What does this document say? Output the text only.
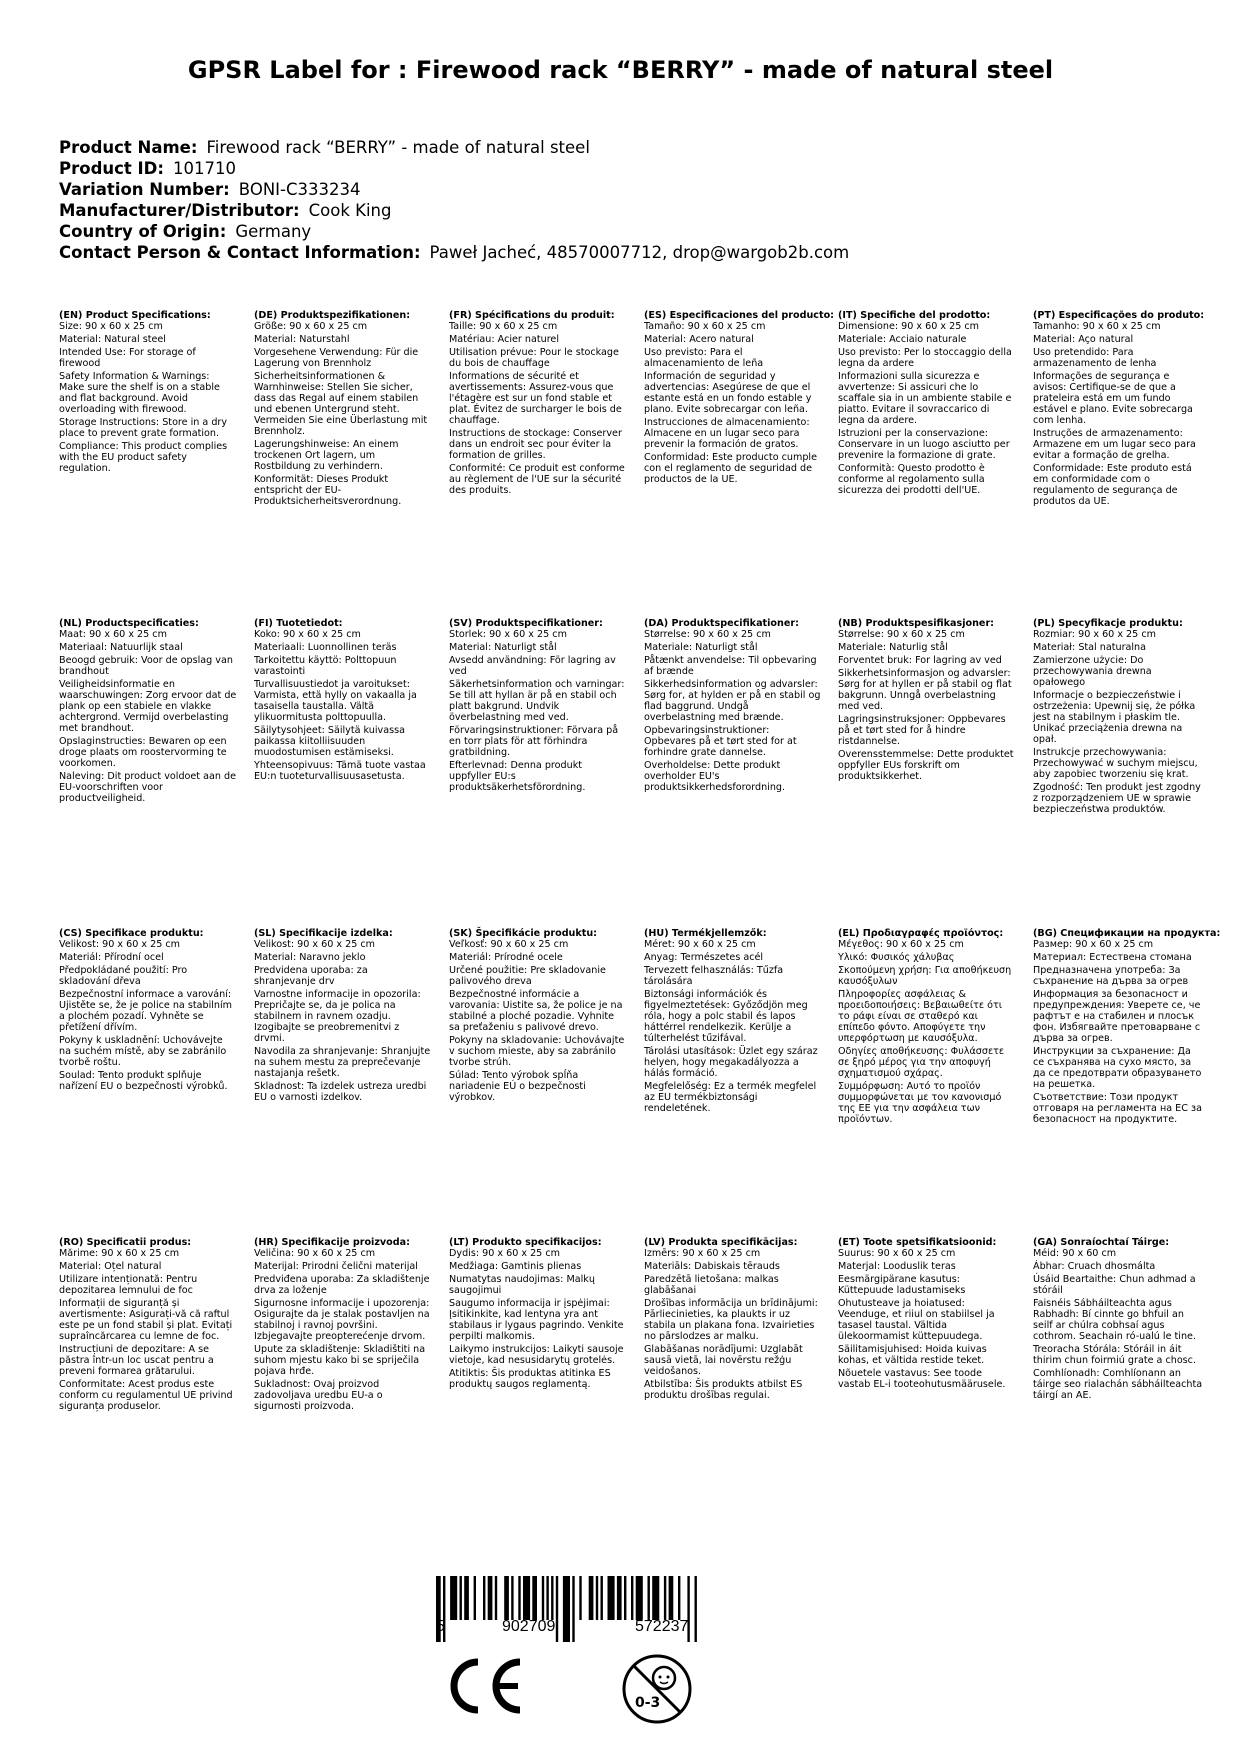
GPSR Label for : Firewood rack “BERRY” - made of natural steel
Product Name: Firewood rack “BERRY” - made of natural steel
Product ID: 101710
Variation Number: BONI-C333234
Manufacturer/Distributor: Cook King
Country of Origin: Germany
Contact Person & Contact Information: Paweł Jacheć, 48570007712, drop@wargob2b.com
(EN) Product Specifications:
Size: 90 x 60 x 25 cm
Material: Natural steel
Intended Use: For storage of firewood
Safety Information & Warnings: Make sure the shelf is on a stable and flat background. Avoid overloading with firewood.
Storage Instructions: Store in a dry place to prevent grate formation.
Compliance: This product complies with the EU product safety regulation.
(DE) Produktspezifikationen:
Größe: 90 x 60 x 25 cm
Material: Naturstahl
Vorgesehene Verwendung: Für die Lagerung von Brennholz
Sicherheitsinformationen & Warnhinweise: Stellen Sie sicher, dass das Regal auf einem stabilen und ebenen Untergrund steht. Vermeiden Sie eine Überlastung mit Brennholz.
Lagerungshinweise: An einem trockenen Ort lagern, um Rostbildung zu verhindern.
Konformität: Dieses Produkt entspricht der EU-Produktsicherheitsverordnung.
(FR) Spécifications du produit:
Taille: 90 x 60 x 25 cm
Matériau: Acier naturel
Utilisation prévue: Pour le stockage du bois de chauffage
Informations de sécurité et avertissements: Assurez-vous que l'étagère est sur un fond stable et plat. Évitez de surcharger le bois de chauffage.
Instructions de stockage: Conserver dans un endroit sec pour éviter la formation de grilles.
Conformité: Ce produit est conforme au règlement de l'UE sur la sécurité des produits.
(ES) Especificaciones del producto:
Tamaño: 90 x 60 x 25 cm
Material: Acero natural
Uso previsto: Para el almacenamiento de leña
Información de seguridad y advertencias: Asegúrese de que el estante está en un fondo estable y plano. Evite sobrecargar con leña.
Instrucciones de almacenamiento: Almacene en un lugar seco para prevenir la formación de gratos.
Conformidad: Este producto cumple con el reglamento de seguridad de productos de la UE.
(IT) Specifiche del prodotto:
Dimensione: 90 x 60 x 25 cm
Materiale: Acciaio naturale
Uso previsto: Per lo stoccaggio della legna da ardere
Informazioni sulla sicurezza e avvertenze: Si assicuri che lo scaffale sia in un ambiente stabile e piatto. Evitare il sovraccarico di legna da ardere.
Istruzioni per la conservazione: Conservare in un luogo asciutto per prevenire la formazione di grate.
Conformità: Questo prodotto è conforme al regolamento sulla sicurezza dei prodotti dell'UE.
(PT) Especificações do produto:
Tamanho: 90 x 60 x 25 cm
Material: Aço natural
Uso pretendido: Para armazenamento de lenha
Informações de segurança e avisos: Certifique-se de que a prateleira está em um fundo estável e plano. Evite sobrecarga com lenha.
Instruções de armazenamento: Armazene em um lugar seco para evitar a formação de grelha.
Conformidade: Este produto está em conformidade com o regulamento de segurança de produtos da UE.
(NL) Productspecificaties:
Maat: 90 x 60 x 25 cm
Materiaal: Natuurlijk staal
Beoogd gebruik: Voor de opslag van brandhout
Veiligheidsinformatie en waarschuwingen: Zorg ervoor dat de plank op een stabiele en vlakke achtergrond. Vermijd overbelasting met brandhout.
Opslaginstructies: Bewaren op een droge plaats om roostervorming te voorkomen.
Naleving: Dit product voldoet aan de EU-voorschriften voor productveiligheid.
(FI) Tuotetiedot:
Koko: 90 x 60 x 25 cm
Materiaali: Luonnollinen teräs
Tarkoitettu käyttö: Polttopuun varastointi
Turvallisuustiedot ja varoitukset: Varmista, että hylly on vakaalla ja tasaisella taustalla. Vältä ylikuormitusta polttopuulla.
Säilytysohjeet: Säilytä kuivassa paikassa kiitolliisuuden muodostumisen estämiseksi.
Yhteensopivuus: Tämä tuote vastaa EU:n tuoteturvallisuusasetusta.
(SV) Produktspecifikationer:
Storlek: 90 x 60 x 25 cm
Material: Naturligt stål
Avsedd användning: För lagring av ved
Säkerhetsinformation och varningar: Se till att hyllan är på en stabil och platt bakgrund. Undvik överbelastning med ved.
Förvaringsinstruktioner: Förvara på en torr plats för att förhindra gratbildning.
Efterlevnad: Denna produkt uppfyller EU:s produktsäkerhetsförordning.
(DA) Produktspecifikationer:
Størrelse: 90 x 60 x 25 cm
Materiale: Naturligt stål
Påtænkt anvendelse: Til opbevaring af brænde
Sikkerhedsinformation og advarsler: Sørg for, at hylden er på en stabil og flad baggrund. Undgå overbelastning med brænde.
Opbevaringsinstruktioner: Opbevares på et tørt sted for at forhindre grate dannelse.
Overholdelse: Dette produkt overholder EU's produktsikkerhedsforordning.
(NB) Produktspesifikasjoner:
Størrelse: 90 x 60 x 25 cm
Materiale: Naturlig stål
Forventet bruk: For lagring av ved
Sikkerhetsinformasjon og advarsler: Sørg for at hyllen er på stabil og flat bakgrunn. Unngå overbelastning med ved.
Lagringsinstruksjoner: Oppbevares på et tørt sted for å hindre ristdannelse.
Overensstemmelse: Dette produktet oppfyller EUs forskrift om produktsikkerhet.
(PL) Specyfikacje produktu:
Rozmiar: 90 x 60 x 25 cm
Materiał: Stal naturalna
Zamierzone użycie: Do przechowywania drewna opałowego
Informacje o bezpieczeństwie i ostrzeżenia: Upewnij się, że półka jest na stabilnym i płaskim tle. Unikać przeciążenia drewna na opał.
Instrukcje przechowywania: Przechowywać w suchym miejscu, aby zapobiec tworzeniu się krat.
Zgodność: Ten produkt jest zgodny z rozporządzeniem UE w sprawie bezpieczeństwa produktów.
(CS) Specifikace produktu:
Velikost: 90 x 60 x 25 cm
Materiál: Přírodní ocel
Předpokládané použití: Pro skladování dřeva
Bezpečnostní informace a varování: Ujistěte se, že je police na stabilním a plochém pozadí. Vyhněte se přetížení dřívím.
Pokyny k uskladnění: Uchovávejte na suchém místě, aby se zabránilo tvorbě roštu.
Soulad: Tento produkt splňuje nařízení EU o bezpečnosti výrobků.
(SL) Specifikacije izdelka:
Velikost: 90 x 60 x 25 cm
Material: Naravno jeklo
Predvidena uporaba: za shranjevanje drv
Varnostne informacije in opozorila: Prepričajte se, da je polica na stabilnem in ravnem ozadju. Izogibajte se preobremenitvi z drvmi.
Navodila za shranjevanje: Shranjujte na suhem mestu za preprečevanje nastajanja rešetk.
Skladnost: Ta izdelek ustreza uredbi EU o varnosti izdelkov.
(SK) Špecifikácie produktu:
Veľkosť: 90 x 60 x 25 cm
Materiál: Prírodné ocele
Určené použitie: Pre skladovanie palivového dreva
Bezpečnostné informácie a varovania: Uistite sa, že police je na stabilné a ploché pozadie. Vyhnite sa preťaženiu s palivové drevo.
Pokyny na skladovanie: Uchovávajte v suchom mieste, aby sa zabránilo tvorbe strúh.
Súlad: Tento výrobok spĺňa nariadenie EÚ o bezpečnosti výrobkov.
(HU) Termékjellemzők:
Méret: 90 x 60 x 25 cm
Anyag: Természetes acél
Tervezett felhasználás: Tűzfa tárolására
Biztonsági információk és figyelmeztetések: Győződjön meg róla, hogy a polc stabil és lapos háttérrel rendelkezik. Kerülje a túlterhelést tűzifával.
Tárolási utasítások: Üzlet egy száraz helyen, hogy megakadályozza a hálás formáció.
Megfelelőség: Ez a termék megfelel az EU termékbiztonsági rendeletének.
(EL) Προδιαγραφές προϊόντος:
Μέγεθος: 90 x 60 x 25 cm
Υλικό: Φυσικός χάλυβας
Σκοπούμενη χρήση: Για αποθήκευση καυσόξυλων
Πληροφορίες ασφάλειας & προειδοποιήσεις: Βεβαιωθείτε ότι το ράφι είναι σε σταθερό και επίπεδο φόντο. Αποφύγετε την υπερφόρτωση με καυσόξυλα.
Οδηγίες αποθήκευσης: Φυλάσσετε σε ξηρό μέρος για την αποφυγή σχηματισμού σχάρας.
Συμμόρφωση: Αυτό το προϊόν συμμορφώνεται με τον κανονισμό της ΕΕ για την ασφάλεια των προϊόντων.
(BG) Спецификации на продукта:
Размер: 90 x 60 x 25 cm
Материал: Естествена стомана
Предназначена употреба: За съхранение на дърва за огрев
Информация за безопасност и предупреждения: Уверете се, че рафтът е на стабилен и плосък фон. Избягвайте претоварване с дърва за огрев.
Инструкции за съхранение: Да се съхранява на сухо място, за да се предотврати образуването на решетка.
Съответствие: Този продукт отговаря на регламента на ЕС за безопасност на продуктите.
(RO) Specificatii produs:
Mărime: 90 x 60 x 25 cm
Material: Oțel natural
Utilizare intenționată: Pentru depozitarea lemnului de foc
Informații de siguranță și avertismente: Asigurați-vă că raftul este pe un fond stabil și plat. Evitați supraîncărcarea cu lemne de foc.
Instrucțiuni de depozitare: A se păstra într-un loc uscat pentru a preveni formarea grătarului.
Conformitate: Acest produs este conform cu regulamentul UE privind siguranța produselor.
(HR) Specifikacije proizvoda:
Veličina: 90 x 60 x 25 cm
Materijal: Prirodni čelični materijal
Predviđena uporaba: Za skladištenje drva za loženje
Sigurnosne informacije i upozorenja: Osigurajte da je stalak postavljen na stabilnoj i ravnoj površini. Izbjegavajte preopterećenje drvom.
Upute za skladištenje: Skladištiti na suhom mjestu kako bi se spriječila pojava hrđe.
Sukladnost: Ovaj proizvod zadovoljava uredbu EU-a o sigurnosti proizvoda.
(LT) Produkto specifikacijos:
Dydis: 90 x 60 x 25 cm
Medžiaga: Gamtinis plienas
Numatytas naudojimas: Malkų saugojimui
Saugumo informacija ir įspėjimai: Įsitikinkite, kad lentyna yra ant stabilaus ir lygaus pagrindo. Venkite perpilti malkomis.
Laikymo instrukcijos: Laikyti sausoje vietoje, kad nesusidarytų grotelės.
Atitiktis: Šis produktas atitinka ES produktų saugos reglamentą.
(LV) Produkta specifikācijas:
Izmērs: 90 x 60 x 25 cm
Materiāls: Dabiskais tērauds
Paredzētā lietošana: malkas glabāšanai
Drošības informācija un brīdinājumi: Pārliecinieties, ka plaukts ir uz stabila un plakana fona. Izvairieties no pārslodzes ar malku.
Glabāšanas norādījumi: Uzglabāt sausā vietā, lai novērstu režģu veidošanos.
Atbilstība: Šis produkts atbilst ES produktu drošības regulai.
(ET) Toote spetsifikatsioonid:
Suurus: 90 x 60 x 25 cm
Materjal: Looduslik teras
Eesmärgipärane kasutus: Küttepuude ladustamiseks
Ohutusteave ja hoiatused: Veenduge, et riiul on stabiilsel ja tasasel taustal. Vältida ülekoormamist küttepuudega.
Säilitamisjuhised: Hoida kuivas kohas, et vältida restide teket.
Nõuetele vastavus: See toode vastab EL-i tooteohutusmäärusele.
(GA) Sonraíochtaí Táirge:
Méid: 90 x 60 cm
Ábhar: Cruach dhosmálta
Úsáid Beartaithe: Chun adhmad a stóráil
Faisnéis Sábháilteachta agus Rabhadh: Bí cinnte go bhfuil an seilf ar chúlra cobhsaí agus cothrom. Seachain ró-ualú le tine.
Treoracha Stórála: Stóráil in áit thirim chun foirmiú grate a chosc.
Comhlíonadh: Comhlíonann an táirge seo rialachán sábháilteachta táirgí an AE.
5	902709	572237
0-3
